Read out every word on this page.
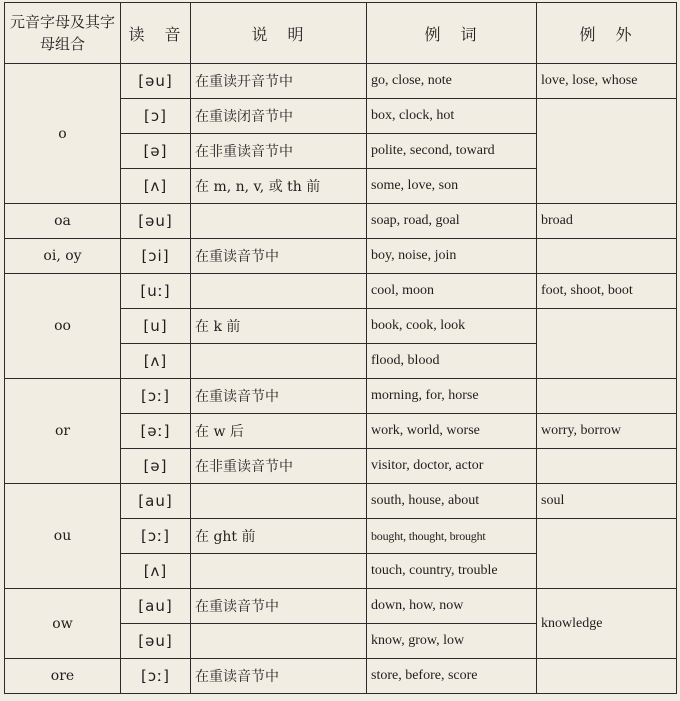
元音字母及其字母组合	读　音	说　明	例　词	例　外
o	[əu]	在重读开音节中	go, close, note	love, lose, whose
	[ɔ]	在重读闭音节中	box, clock, hot	
	[ə]	在非重读音节中	polite, second, toward	
	[ʌ]	在 m, n, v, 或 th 前	some, love, son	
oa	[əu]		soap, road, goal	broad
oi, oy	[ɔi]	在重读音节中	boy, noise, join	
oo	[uː]		cool, moon	foot, shoot, boot
	[u]	在 k 前	book, cook, look	
	[ʌ]		flood, blood	
or	[ɔː]	在重读音节中	morning, for, horse	
	[əː]	在 w 后	work, world, worse	worry, borrow
	[ə]	在非重读音节中	visitor, doctor, actor	
ou	[au]		south, house, about	soul
	[ɔː]	在 ght 前	bought, thought, brought	
	[ʌ]		touch, country, trouble	
ow	[au]	在重读音节中	down, how, now	knowledge
	[əu]		know, grow, low	
ore	[ɔː]	在重读音节中	store, before, score	
